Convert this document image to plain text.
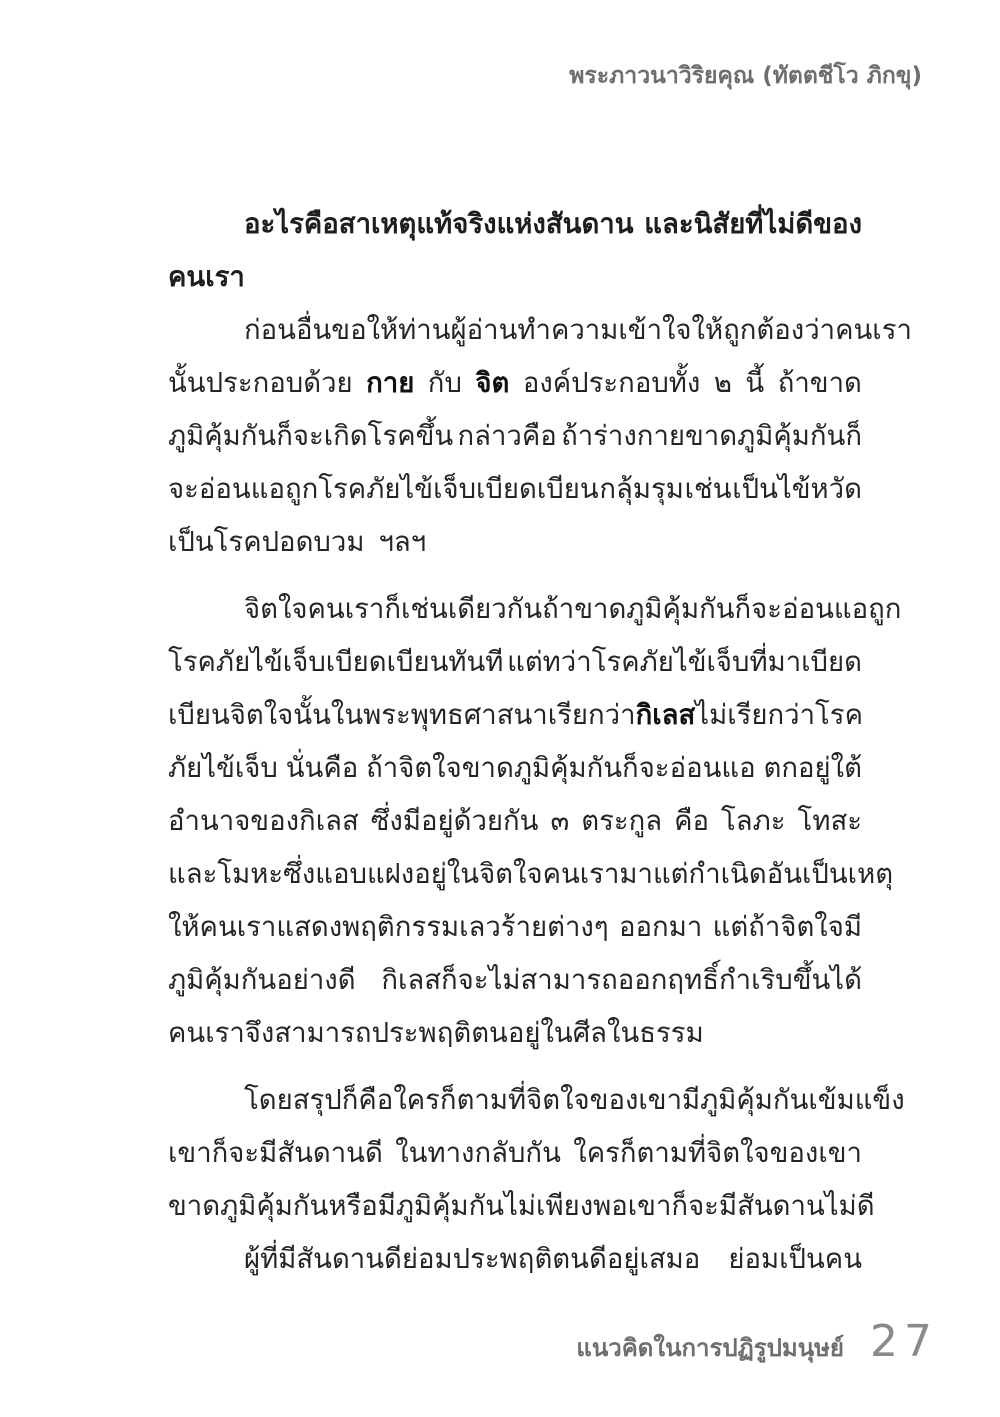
พระภาวนาวิริยคุณ (ทัตตชีโว ภิกขุ)
อะไรคือสาเหตุแท้จริงแห่งสันดาน และนิสัยที่ไม่ดีของ
คนเรา
ก่อนอื่นขอให้ท่านผู้อ่านทำความเข้าใจให้ถูกต้องว่า คนเรา
นั้นประกอบด้วย กาย กับ จิต องค์ประกอบทั้ง ๒ นี้ ถ้าขาด
ภูมิคุ้มกันก็จะเกิดโรคขึ้น กล่าวคือ ถ้าร่างกายขาดภูมิคุ้มกันก็
จะอ่อนแอถูกโรคภัยไข้เจ็บเบียดเบียน กลุ้มรุม เช่น เป็นไข้หวัด
เป็นโรคปอดบวม ฯลฯ
จิตใจคนเราก็เช่นเดียวกัน ถ้าขาดภูมิคุ้มกันก็จะอ่อนแอ ถูก
โรคภัยไข้เจ็บเบียดเบียนทันที แต่ทว่าโรคภัยไข้เจ็บที่มาเบียด
เบียนจิตใจนั้น ในพระพุทธศาสนาเรียกว่า กิเลส ไม่เรียกว่าโรค
ภัยไข้เจ็บ นั่นคือ ถ้าจิตใจขาดภูมิคุ้มกันก็จะอ่อนแอ ตกอยู่ใต้
อำนาจของกิเลส ซึ่งมีอยู่ด้วยกัน ๓ ตระกูล คือ โลภะ โทสะ
และโมหะ ซึ่งแอบแฝงอยู่ในจิตใจคนเรามาแต่กำเนิด อันเป็นเหตุ
ให้คนเราแสดงพฤติกรรมเลวร้ายต่างๆ ออกมา แต่ถ้าจิตใจมี
ภูมิคุ้มกันอย่างดี กิเลสก็จะไม่สามารถออกฤทธิ์กำเริบขึ้นได้
คนเราจึงสามารถประพฤติตนอยู่ในศีลในธรรม
โดยสรุปก็คือ ใครก็ตามที่จิตใจของเขามีภูมิคุ้มกันเข้มแข็ง
เขาก็จะมีสันดานดี ในทางกลับกัน ใครก็ตามที่จิตใจของเขา
ขาดภูมิคุ้มกัน หรือมีภูมิคุ้มกันไม่เพียงพอ เขาก็จะมีสันดานไม่ดี
ผู้ที่มีสันดานดีย่อมประพฤติตนดีอยู่เสมอ ย่อมเป็นคน
แนวคิดในการปฏิรูปมนุษย์ 27
